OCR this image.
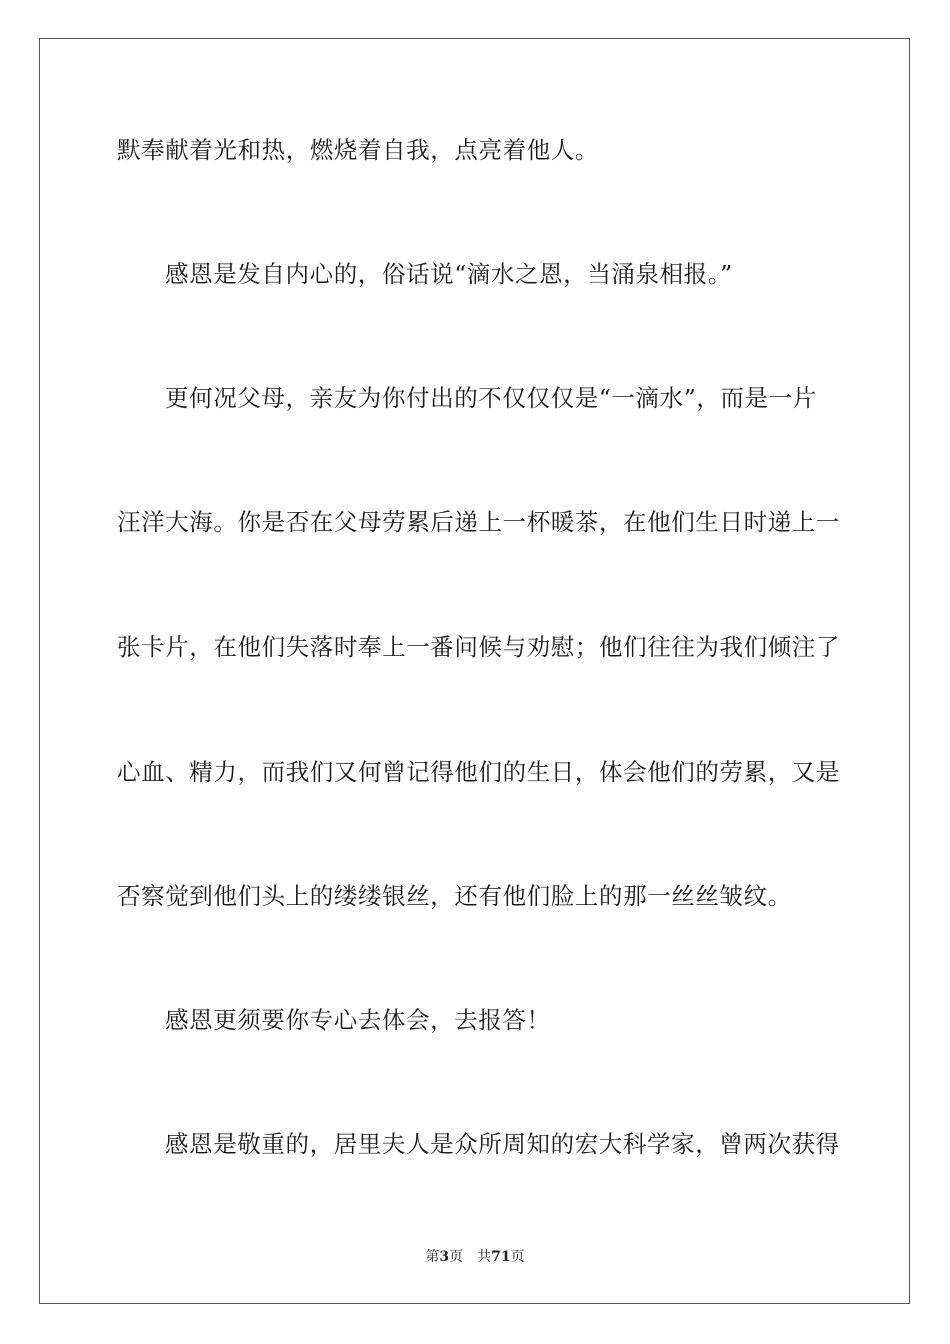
默奉献着光和热，燃烧着自我，点亮着他人。
感恩是发自内心的，俗话说“滴水之恩，当涌泉相报。”
更何况父母，亲友为你付出的不仅仅仅是“一滴水”，而是一片
汪洋大海。你是否在父母劳累后递上一杯暖茶，在他们生日时递上一
张卡片，在他们失落时奉上一番问候与劝慰；他们往往为我们倾注了
心血、精力，而我们又何曾记得他们的生日，体会他们的劳累，又是
否察觉到他们头上的缕缕银丝，还有他们脸上的那一丝丝皱纹。
感恩更须要你专心去体会，去报答！
感恩是敬重的，居里夫人是众所周知的宏大科学家，曾两次获得
第3页 共71页
